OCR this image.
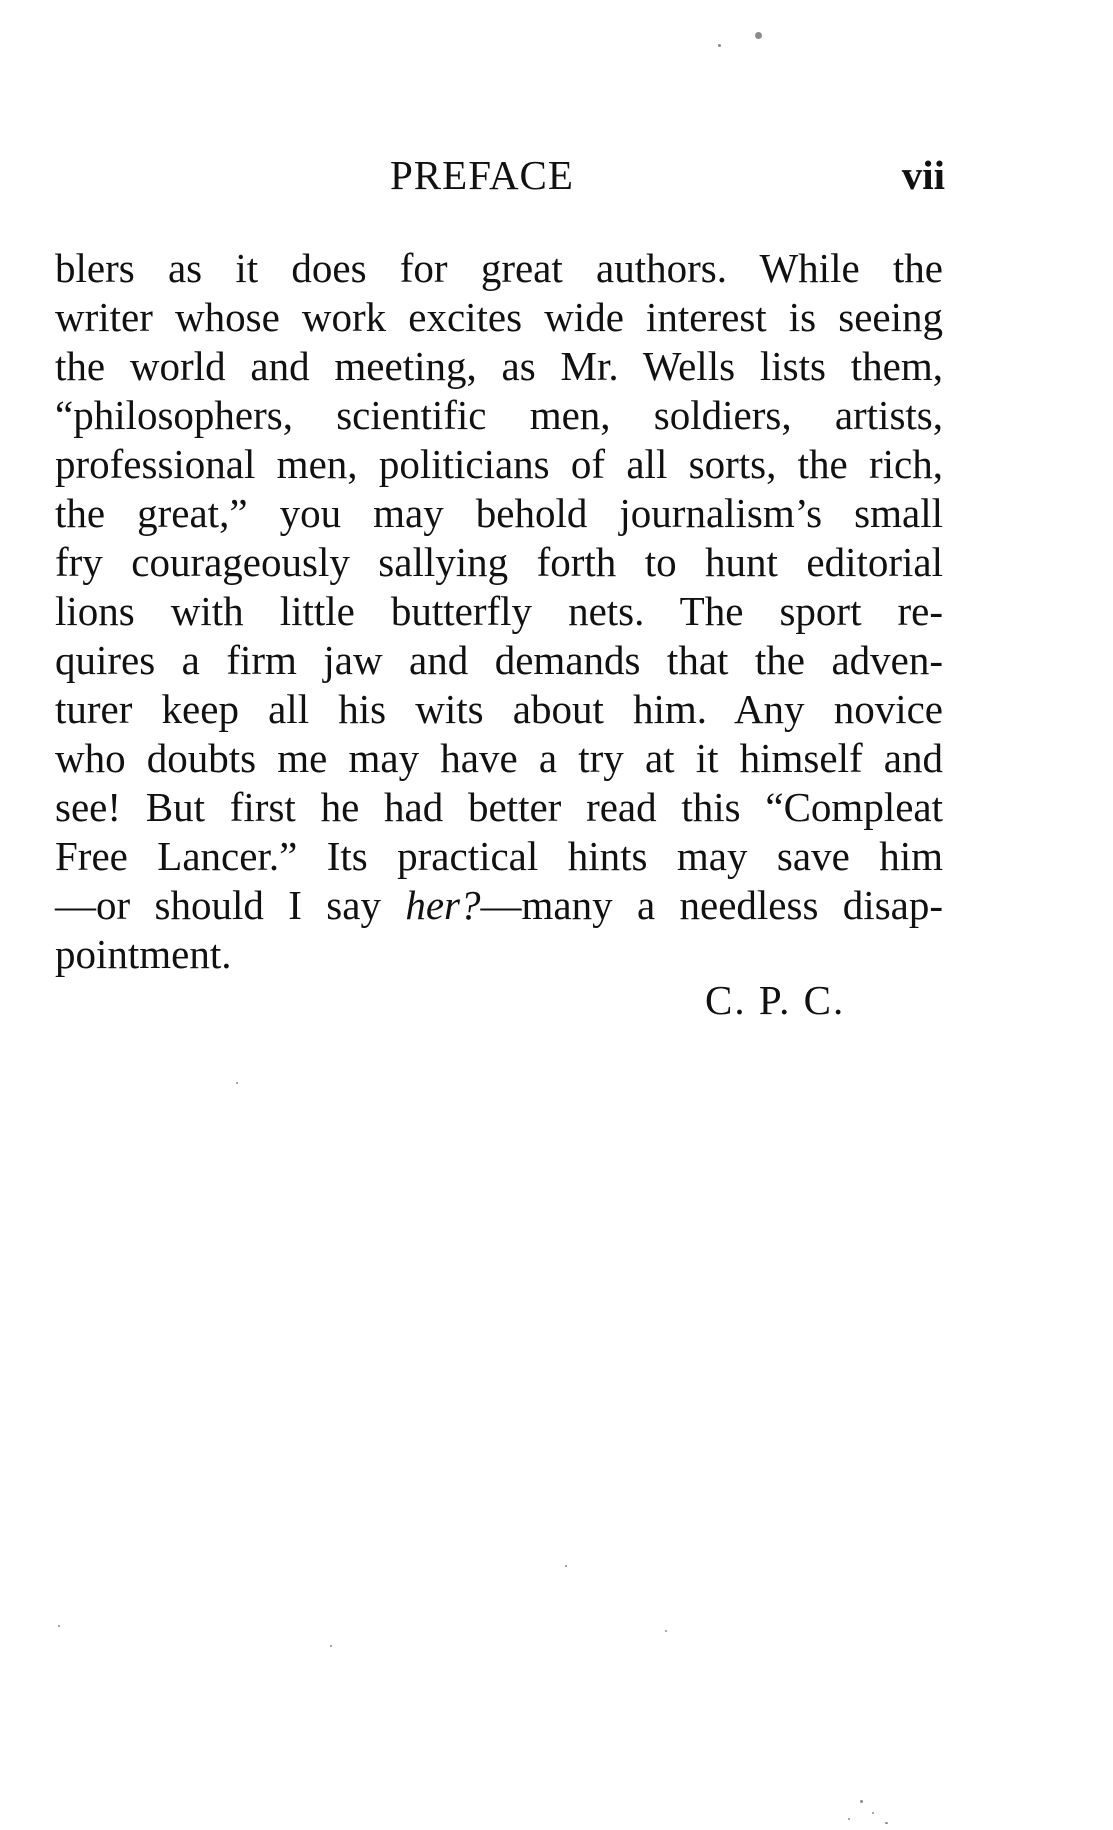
PREFACE	vii
blers as it does for great authors. While the
writer whose work excites wide interest is seeing
the world and meeting, as Mr. Wells lists them,
“philosophers, scientific men, soldiers, artists,
professional men, politicians of all sorts, the rich,
the great,” you may behold journalism’s small
fry courageously sallying forth to hunt editorial
lions with little butterfly nets. The sport re-
quires a firm jaw and demands that the adven-
turer keep all his wits about him. Any novice
who doubts me may have a try at it himself and
see! But first he had better read this “Compleat
Free Lancer.” Its practical hints may save him
—or should I say her?—many a needless disap-
pointment.
C. P. C.
